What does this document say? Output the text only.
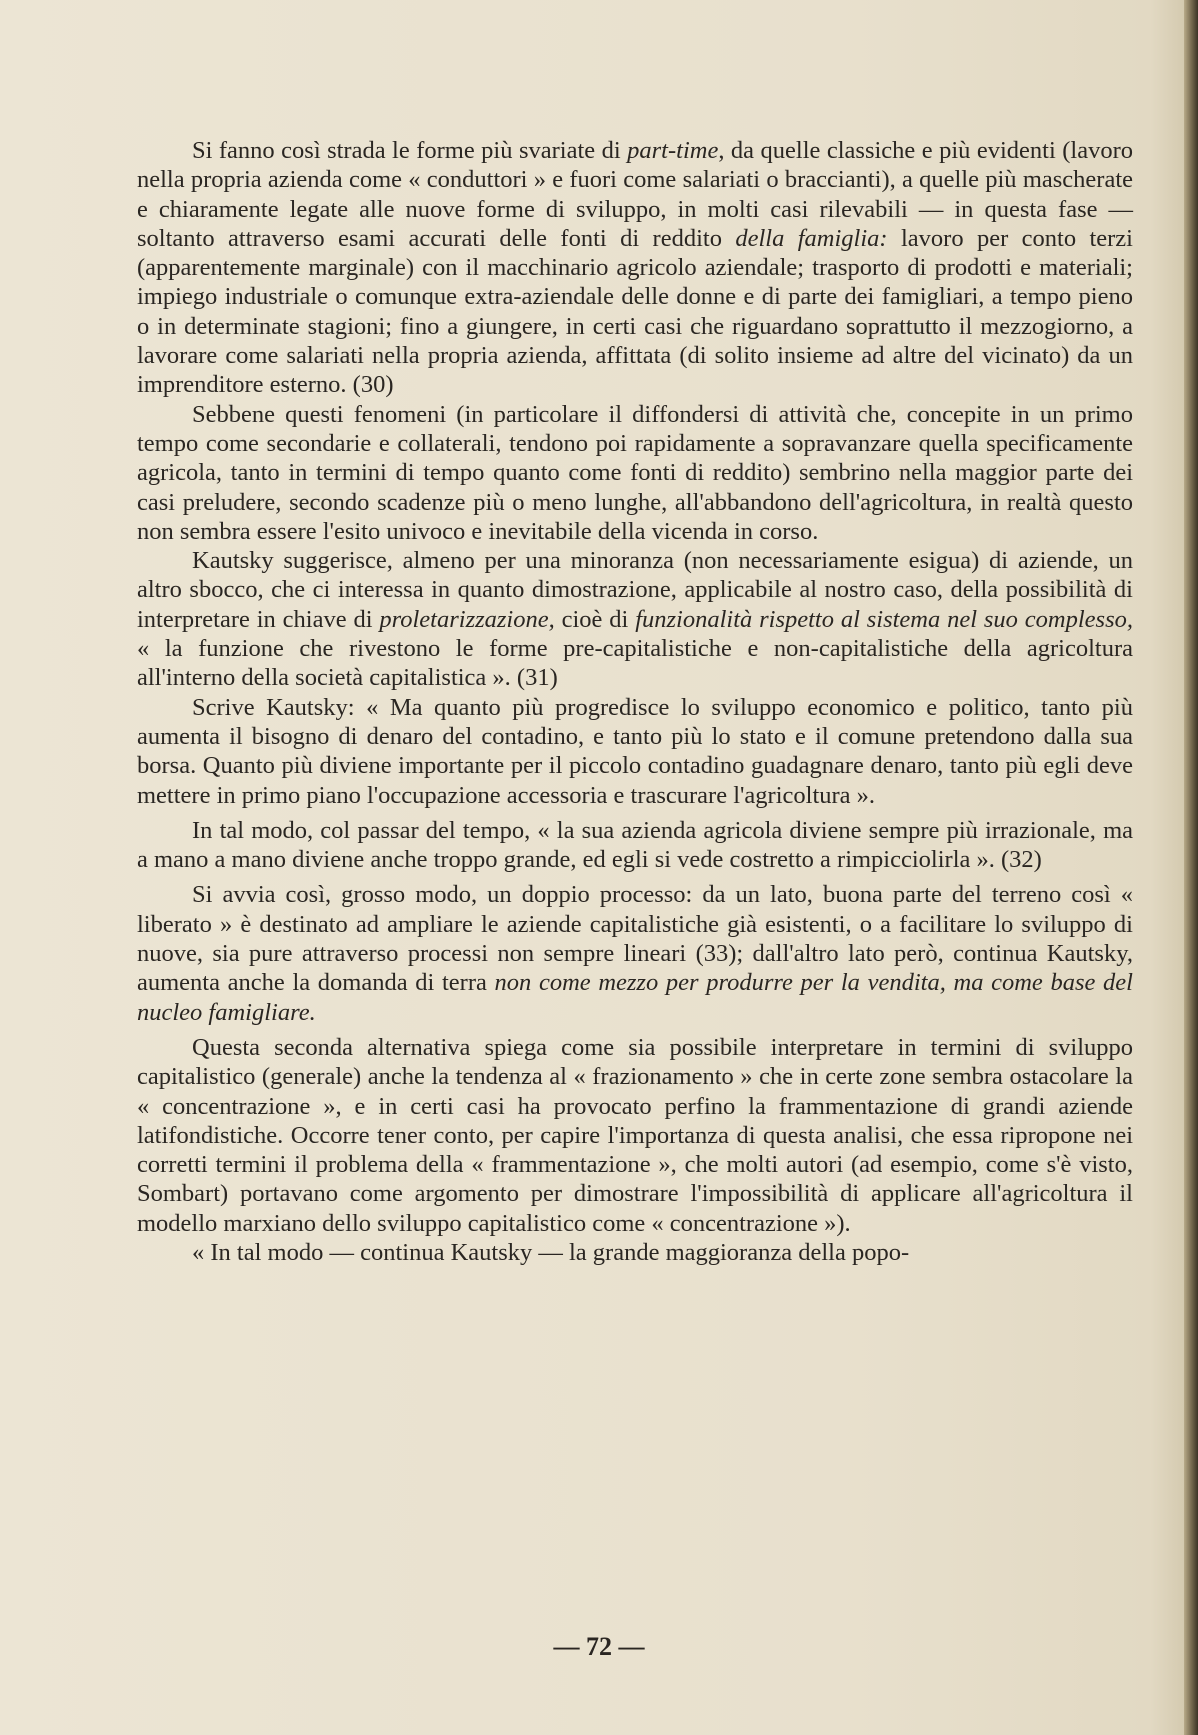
Si fanno così strada le forme più svariate di part-time, da quelle classiche e più evidenti (lavoro nella propria azienda come « conduttori » e fuori come salariati o braccianti), a quelle più mascherate e chiaramente legate alle nuove forme di sviluppo, in molti casi rilevabili — in questa fase — soltanto attraverso esami accurati delle fonti di reddito della famiglia: lavoro per conto terzi (apparentemente marginale) con il macchinario agricolo aziendale; trasporto di prodotti e materiali; impiego industriale o comunque extra-aziendale delle donne e di parte dei famigliari, a tempo pieno o in determinate stagioni; fino a giungere, in certi casi che riguardano soprattutto il mezzogiorno, a lavorare come salariati nella propria azienda, affittata (di solito insieme ad altre del vicinato) da un imprenditore esterno. (30)

Sebbene questi fenomeni (in particolare il diffondersi di attività che, concepite in un primo tempo come secondarie e collaterali, tendono poi rapidamente a sopravanzare quella specificamente agricola, tanto in termini di tempo quanto come fonti di reddito) sembrino nella maggior parte dei casi preludere, secondo scadenze più o meno lunghe, all'abbandono dell'agricoltura, in realtà questo non sembra essere l'esito univoco e inevitabile della vicenda in corso.

Kautsky suggerisce, almeno per una minoranza (non necessariamente esigua) di aziende, un altro sbocco, che ci interessa in quanto dimostrazione, applicabile al nostro caso, della possibilità di interpretare in chiave di proletarizzazione, cioè di funzionalità rispetto al sistema nel suo complesso, « la funzione che rivestono le forme pre-capitalistiche e non-capitalistiche della agricoltura all'interno della società capitalistica ». (31)

Scrive Kautsky: « Ma quanto più progredisce lo sviluppo economico e politico, tanto più aumenta il bisogno di denaro del contadino, e tanto più lo stato e il comune pretendono dalla sua borsa. Quanto più diviene importante per il piccolo contadino guadagnare denaro, tanto più egli deve mettere in primo piano l'occupazione accessoria e trascurare l'agricoltura ».

In tal modo, col passar del tempo, « la sua azienda agricola diviene sempre più irrazionale, ma a mano a mano diviene anche troppo grande, ed egli si vede costretto a rimpicciolirla ». (32)

Si avvia così, grosso modo, un doppio processo: da un lato, buona parte del terreno così « liberato » è destinato ad ampliare le aziende capitalistiche già esistenti, o a facilitare lo sviluppo di nuove, sia pure attraverso processi non sempre lineari (33); dall'altro lato però, continua Kautsky, aumenta anche la domanda di terra non come mezzo per produrre per la vendita, ma come base del nucleo famigliare.

Questa seconda alternativa spiega come sia possibile interpretare in termini di sviluppo capitalistico (generale) anche la tendenza al « frazionamento » che in certe zone sembra ostacolare la « concentrazione », e in certi casi ha provocato perfino la frammentazione di grandi aziende latifondistiche. Occorre tener conto, per capire l'importanza di questa analisi, che essa ripropone nei corretti termini il problema della « frammentazione », che molti autori (ad esempio, come s'è visto, Sombart) portavano come argomento per dimostrare l'impossibilità di applicare all'agricoltura il modello marxiano dello sviluppo capitalistico come « concentrazione »).

« In tal modo — continua Kautsky — la grande maggioranza della popo-

— 72 —
